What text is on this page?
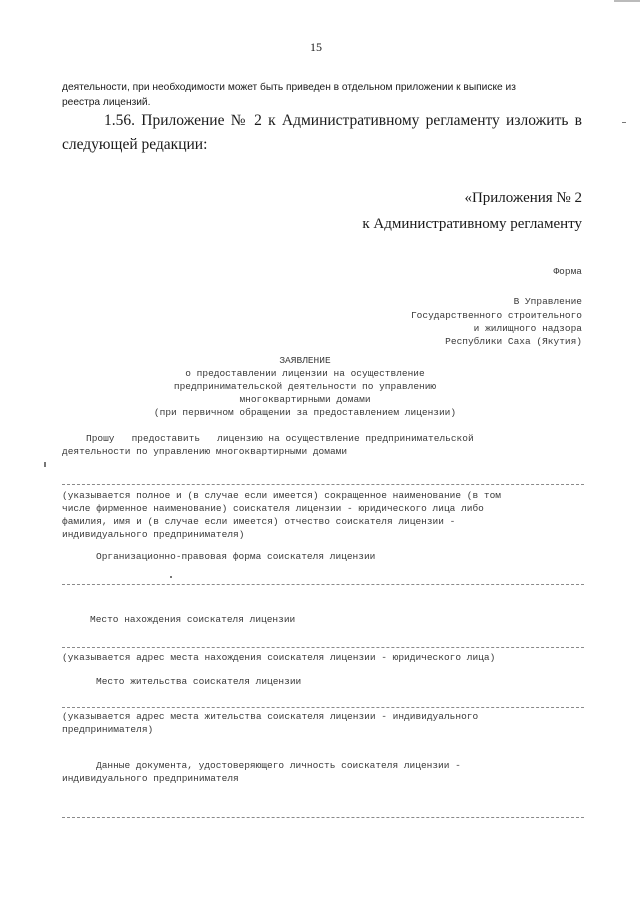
15
деятельности, при необходимости может быть приведен в отдельном приложении к выписке из
реестра лицензий.
1.56. Приложение № 2 к Административному регламенту изложить в
следующей редакции:
«Приложения № 2
к Административному регламенту
Форма
В Управление
Государственного строительного
и жилищного надзора
Республики Саха (Якутия)
ЗАЯВЛЕНИЕ
о предоставлении лицензии на осуществление
предпринимательской деятельности по управлению
многоквартирными домами
(при первичном обращении за предоставлением лицензии)
Прошу   предоставить   лицензию на осуществление предпринимательской
деятельности по управлению многоквартирными домами
(указывается полное и (в случае если имеется) сокращенное наименование (в том
числе фирменное наименование) соискателя лицензии - юридического лица либо
фамилия, имя и (в случае если имеется) отчество соискателя лицензии -
индивидуального предпринимателя)
Организационно-правовая форма соискателя лицензии
Место нахождения соискателя лицензии
(указывается адрес места нахождения соискателя лицензии - юридического лица)
Место жительства соискателя лицензии
(указывается адрес места жительства соискателя лицензии - индивидуального
предпринимателя)
Данные документа, удостоверяющего личность соискателя лицензии -
индивидуального предпринимателя
